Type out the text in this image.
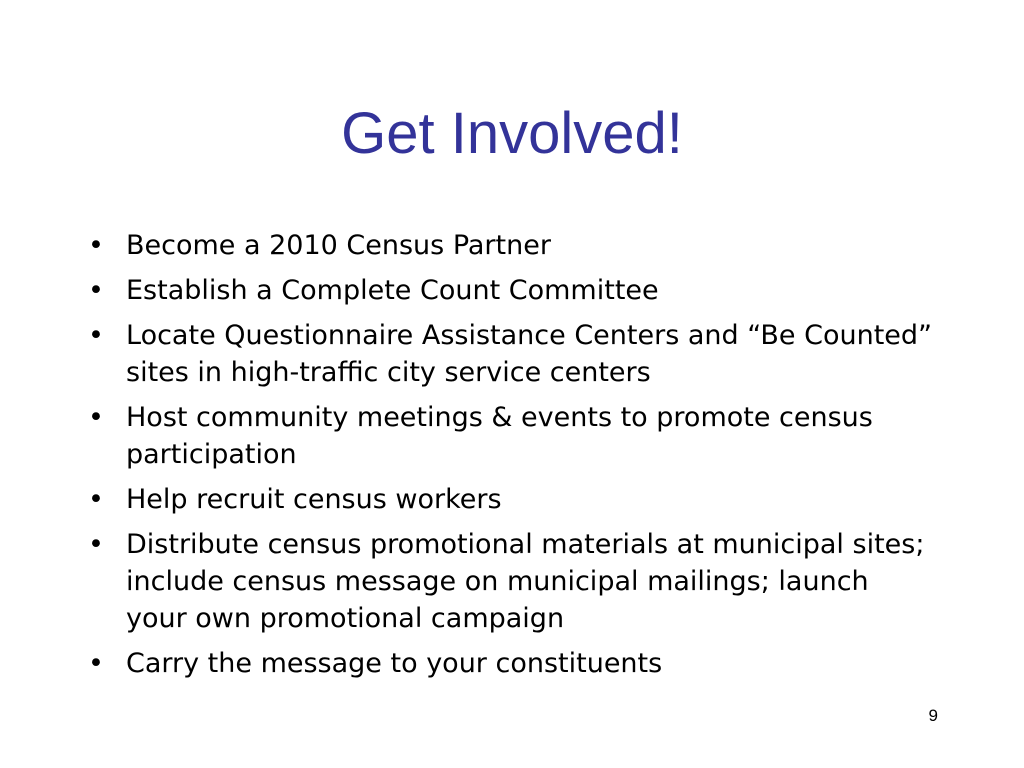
Get Involved!
• Become a 2010 Census Partner
• Establish a Complete Count Committee
• Locate Questionnaire Assistance Centers and “Be Counted” sites in high-traffic city service centers
• Host community meetings & events to promote census participation
• Help recruit census workers
• Distribute census promotional materials at municipal sites; include census message on municipal mailings; launch your own promotional campaign
• Carry the message to your constituents
9
